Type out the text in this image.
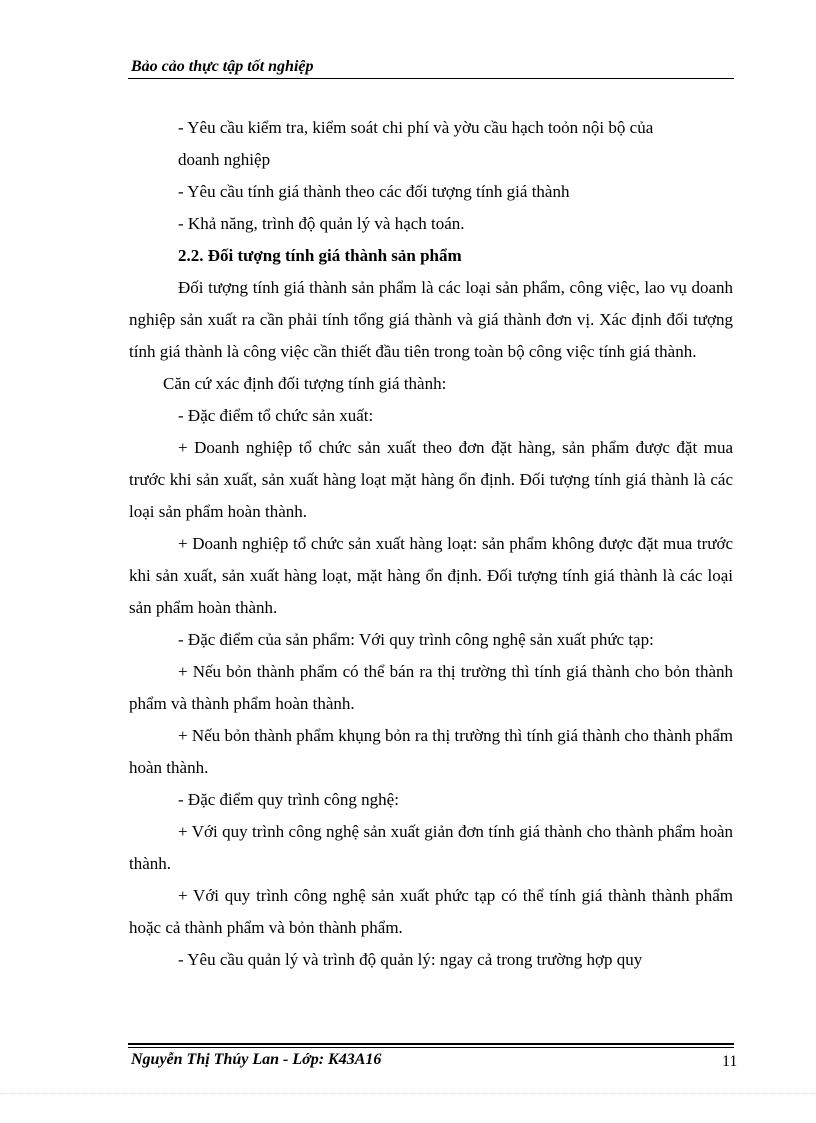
Bảo cảo thực tập tốt nghiệp

- Yêu cầu kiểm tra, kiểm soát chi phí và yờu cầu hạch toỏn nội bộ của

doanh nghiệp

- Yêu cầu tính giá thành theo các đối tượng tính giá thành

- Khả năng, trình độ quản lý và hạch toán.

2.2. Đối tượng tính giá thành sản phẩm

Đối tượng tính giá thành sản phẩm là các loại sản phẩm, công việc, lao vụ doanh nghiệp sản xuất ra cần phải tính tổng giá thành và giá thành đơn vị. Xác định đối tượng tính giá thành là công việc cần thiết đầu tiên trong toàn bộ công việc tính giá thành.

Căn cứ xác định đối tượng tính giá thành:

- Đặc điểm tổ chức sản xuất:

+ Doanh nghiệp tổ chức sản xuất theo đơn đặt hàng, sản phẩm được đặt mua trước khi sản xuất, sản xuất hàng loạt mặt hàng ổn định. Đối tượng tính giá thành là các loại sản phẩm hoàn thành.

+ Doanh nghiệp tổ chức sản xuất hàng loạt: sản phẩm không được đặt mua trước khi sản xuất, sản xuất hàng loạt, mặt hàng ổn định. Đối tượng tính giá thành là các loại sản phẩm hoàn thành.

- Đặc điểm của sản phẩm: Với quy trình công nghệ sản xuất phức tạp:

+ Nếu bỏn thành phẩm có thể bán ra thị trường thì tính giá thành cho bỏn thành phẩm và thành phẩm hoàn thành.

+ Nếu bỏn thành phẩm khụng bỏn ra thị trường thì tính giá thành cho thành phẩm hoàn thành.

- Đặc điểm quy trình công nghệ:

+ Với quy trình công nghệ sản xuất giản đơn tính giá thành cho thành phẩm hoàn thành.

+ Với quy trình công nghệ sản xuất phức tạp có thể tính giá thành thành phẩm hoặc cả thành phẩm và bỏn thành phẩm.

- Yêu cầu quản lý và trình độ quản lý: ngay cả trong trường hợp quy

Nguyễn Thị Thúy Lan - Lớp: K43A16	11
